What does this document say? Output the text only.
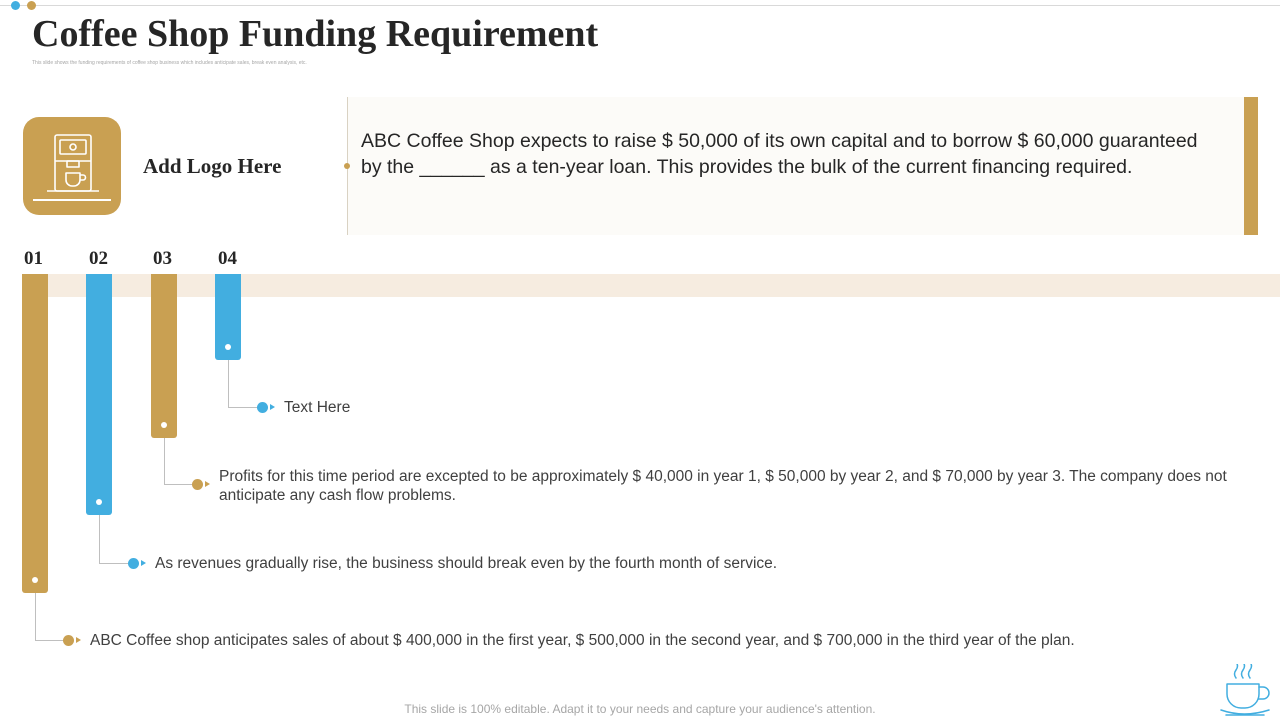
Coffee Shop Funding Requirement
This slide shows the funding requirements of coffee shop business which includes anticipate sales, break even analysis, etc.
Add Logo Here

ABC Coffee Shop expects to raise $ 50,000 of its own capital and to borrow $ 60,000 guaranteed by the ______ as a ten-year loan. This provides the bulk of the current financing required.

01 02 03 04
Text Here
Profits for this time period are excepted to be approximately $ 40,000 in year 1, $ 50,000 by year 2, and $ 70,000 by year 3. The company does not anticipate any cash flow problems.
As revenues gradually rise, the business should break even by the fourth month of service.
ABC Coffee shop anticipates sales of about $ 400,000 in the first year, $ 500,000 in the second year, and $ 700,000 in the third year of the plan.
This slide is 100% editable. Adapt it to your needs and capture your audience's attention.
